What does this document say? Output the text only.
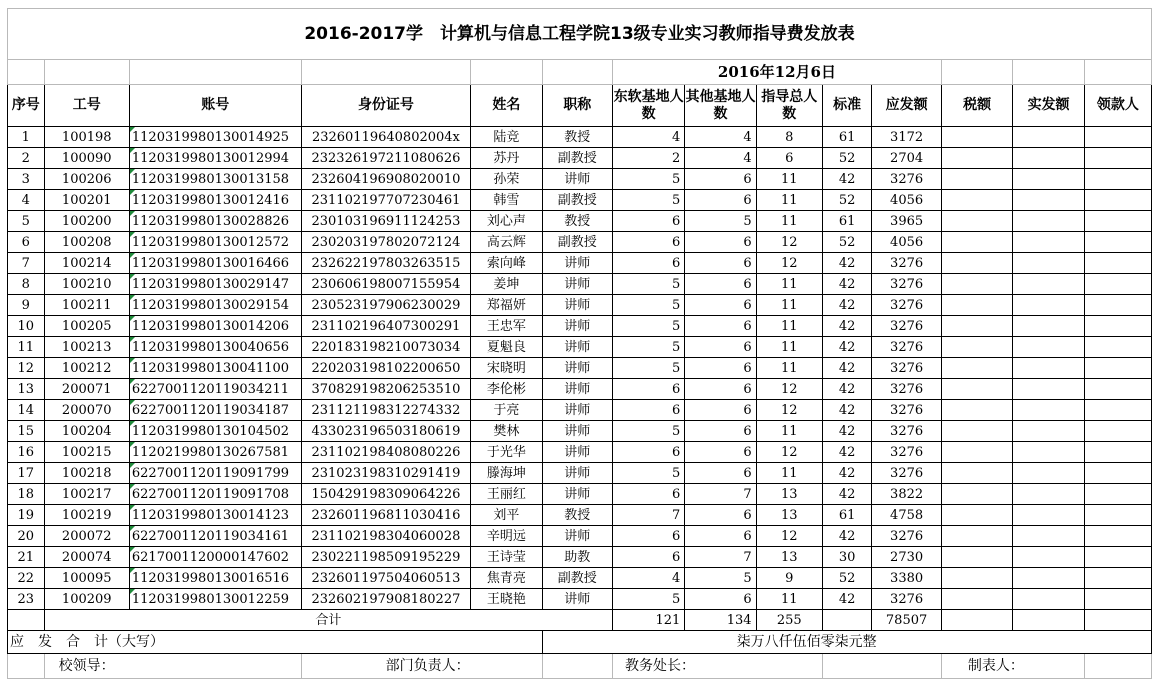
2016-2017学　计算机与信息工程学院13级专业实习教师指导费发放表													
						2016年12月6日							
序号	工号	账号	身份证号	姓名	职称	东软基地人数	其他基地人数	指导总人数	标准	应发额	税额	实发额	领款人
1	100198	1120319980130014925	23260119640802004x	陆竞	教授	4	4	8	61	3172			
2	100090	1120319980130012994	232326197211080626	苏丹	副教授	2	4	6	52	2704			
3	100206	1120319980130013158	232604196908020010	孙荣	讲师	5	6	11	42	3276			
4	100201	1120319980130012416	231102197707230461	韩雪	副教授	5	6	11	52	4056			
5	100200	1120319980130028826	230103196911124253	刘心声	教授	6	5	11	61	3965			
6	100208	1120319980130012572	230203197802072124	高云辉	副教授	6	6	12	52	4056			
7	100214	1120319980130016466	232622197803263515	索向峰	讲师	6	6	12	42	3276			
8	100210	1120319980130029147	230606198007155954	姜坤	讲师	5	6	11	42	3276			
9	100211	1120319980130029154	230523197906230029	郑福妍	讲师	5	6	11	42	3276			
10	100205	1120319980130014206	231102196407300291	王忠军	讲师	5	6	11	42	3276			
11	100213	1120319980130040656	220183198210073034	夏魁良	讲师	5	6	11	42	3276			
12	100212	1120319980130041100	220203198102200650	宋晓明	讲师	5	6	11	42	3276			
13	200071	6227001120119034211	370829198206253510	李伦彬	讲师	6	6	12	42	3276			
14	200070	6227001120119034187	231121198312274332	于亮	讲师	6	6	12	42	3276			
15	100204	1120319980130104502	433023196503180619	樊林	讲师	5	6	11	42	3276			
16	100215	1120219980130267581	231102198408080226	于光华	讲师	6	6	12	42	3276			
17	100218	6227001120119091799	231023198310291419	滕海坤	讲师	5	6	11	42	3276			
18	100217	6227001120119091708	150429198309064226	王丽红	讲师	6	7	13	42	3822			
19	100219	1120319980130014123	232601196811030416	刘平	教授	7	6	13	61	4758			
20	200072	6227001120119034161	231102198304060028	辛明远	讲师	6	6	12	42	3276			
21	200074	6217001120000147602	230221198509195229	王诗莹	助教	6	7	13	30	2730			
22	100095	1120319980130016516	232601197504060513	焦青亮	副教授	4	5	9	52	3380			
23	100209	1120319980130012259	232602197908180227	王晓艳	讲师	5	6	11	42	3276			
	合计					121	134	255		78507			
应　发　合　计（大写）					柒万八仟伍佰零柒元整								
	校领导：		部门负责人：			教务处长：					制表人：		
